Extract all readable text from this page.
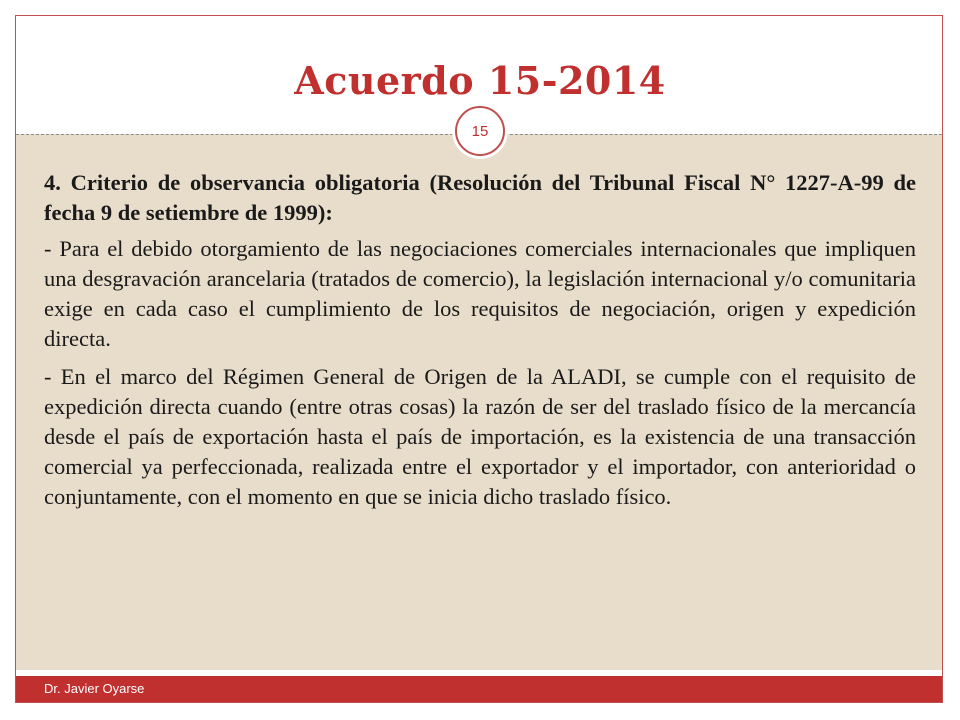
Acuerdo 15-2014
15

4. Criterio de observancia obligatoria (Resolución del Tribunal Fiscal N° 1227-A-99 de fecha 9 de setiembre de 1999):

- Para el debido otorgamiento de las negociaciones comerciales internacionales que impliquen una desgravación arancelaria (tratados de comercio), la legislación internacional y/o comunitaria exige en cada caso el cumplimiento de los requisitos de negociación, origen y expedición directa.

- En el marco del Régimen General de Origen de la ALADI, se cumple con el requisito de expedición directa cuando (entre otras cosas) la razón de ser del traslado físico de la mercancía desde el país de exportación hasta el país de importación, es la existencia de una transacción comercial ya perfeccionada, realizada entre el exportador y el importador, con anterioridad o conjuntamente, con el momento en que se inicia dicho traslado físico.

Dr. Javier Oyarse
